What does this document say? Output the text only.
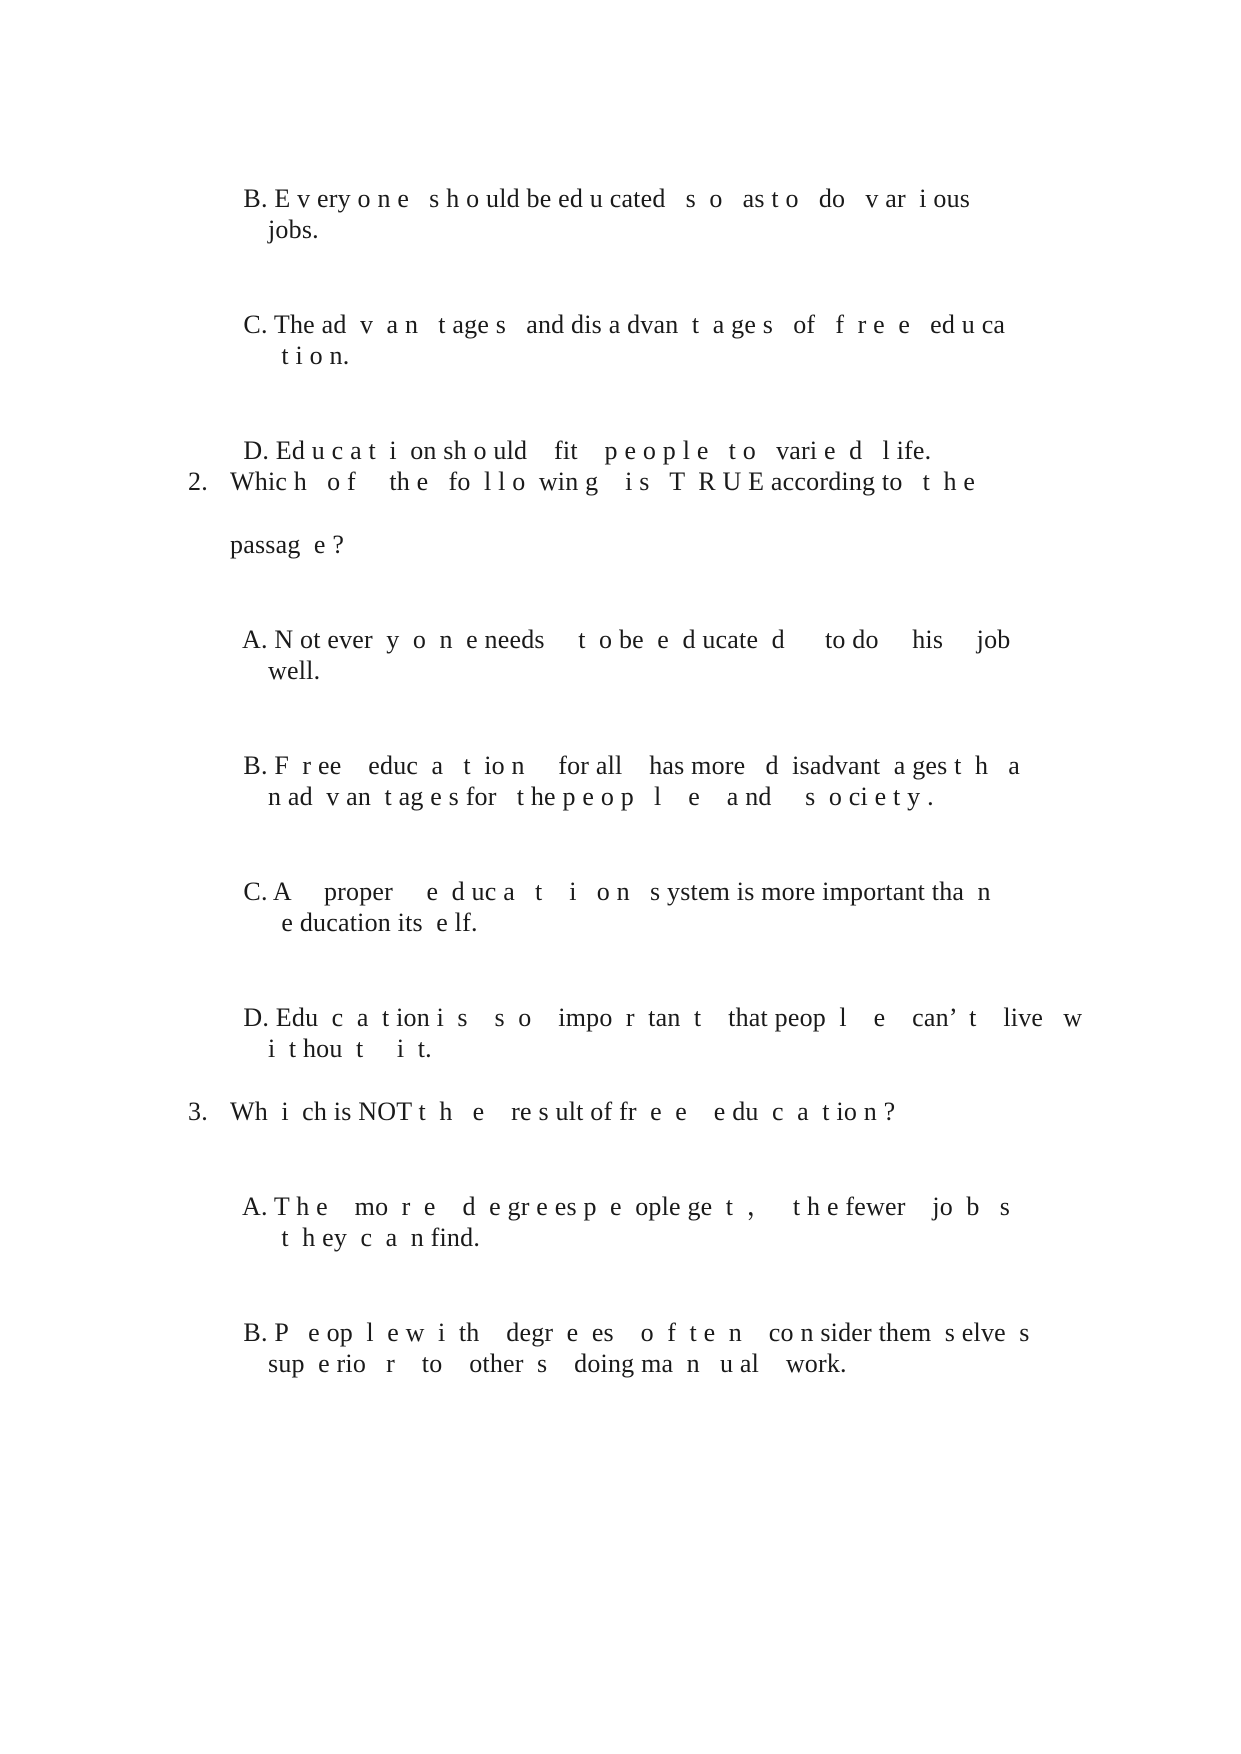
B. E v ery o n e   s h o uld be ed u cated   s  o   as t o   do   v ar  i ous

jobs.

C. The ad  v  a n   t age s   and dis a dvan  t  a ge s   of   f  r e  e   ed u ca

t i o n.

D. Ed u c a t  i  on sh o uld    fit    p e o p l e   t o   vari e  d   l ife.

2. Whic h   o f     th e   fo  l l o  win g    i s   T  R U E according to   t  h e
passag  e ?

A. N ot ever  y  o  n  e needs     t  o be  e  d ucate  d      to do     his     job

well.

B. F  r ee    educ  a   t  io n     for all    has more   d  isadvant  a ges t  h   a

n ad  v an  t ag e s for   t he p e o p   l    e    a nd     s  o ci e t y .

C. A     proper     e  d uc a   t    i   o n   s ystem is more important tha  n

e ducation its  e lf.

D. Edu  c  a  t ion i  s    s  o    impo  r  tan  t    that peop  l    e    can’  t    live   w

i  t hou  t     i  t.
3. Wh  i  ch is NOT t  h   e    re s ult of fr  e  e    e du  c  a  t io n ?

A. T h e    mo  r  e    d  e gr e es p  e  ople ge  t  ，   t h e fewer    jo  b   s

t  h ey  c  a  n find.

B. P   e op  l  e w  i  th    degr  e  es    o  f  t e  n    co n sider them  s elve  s

sup  e rio   r    to    other  s    doing ma  n   u al    work.
